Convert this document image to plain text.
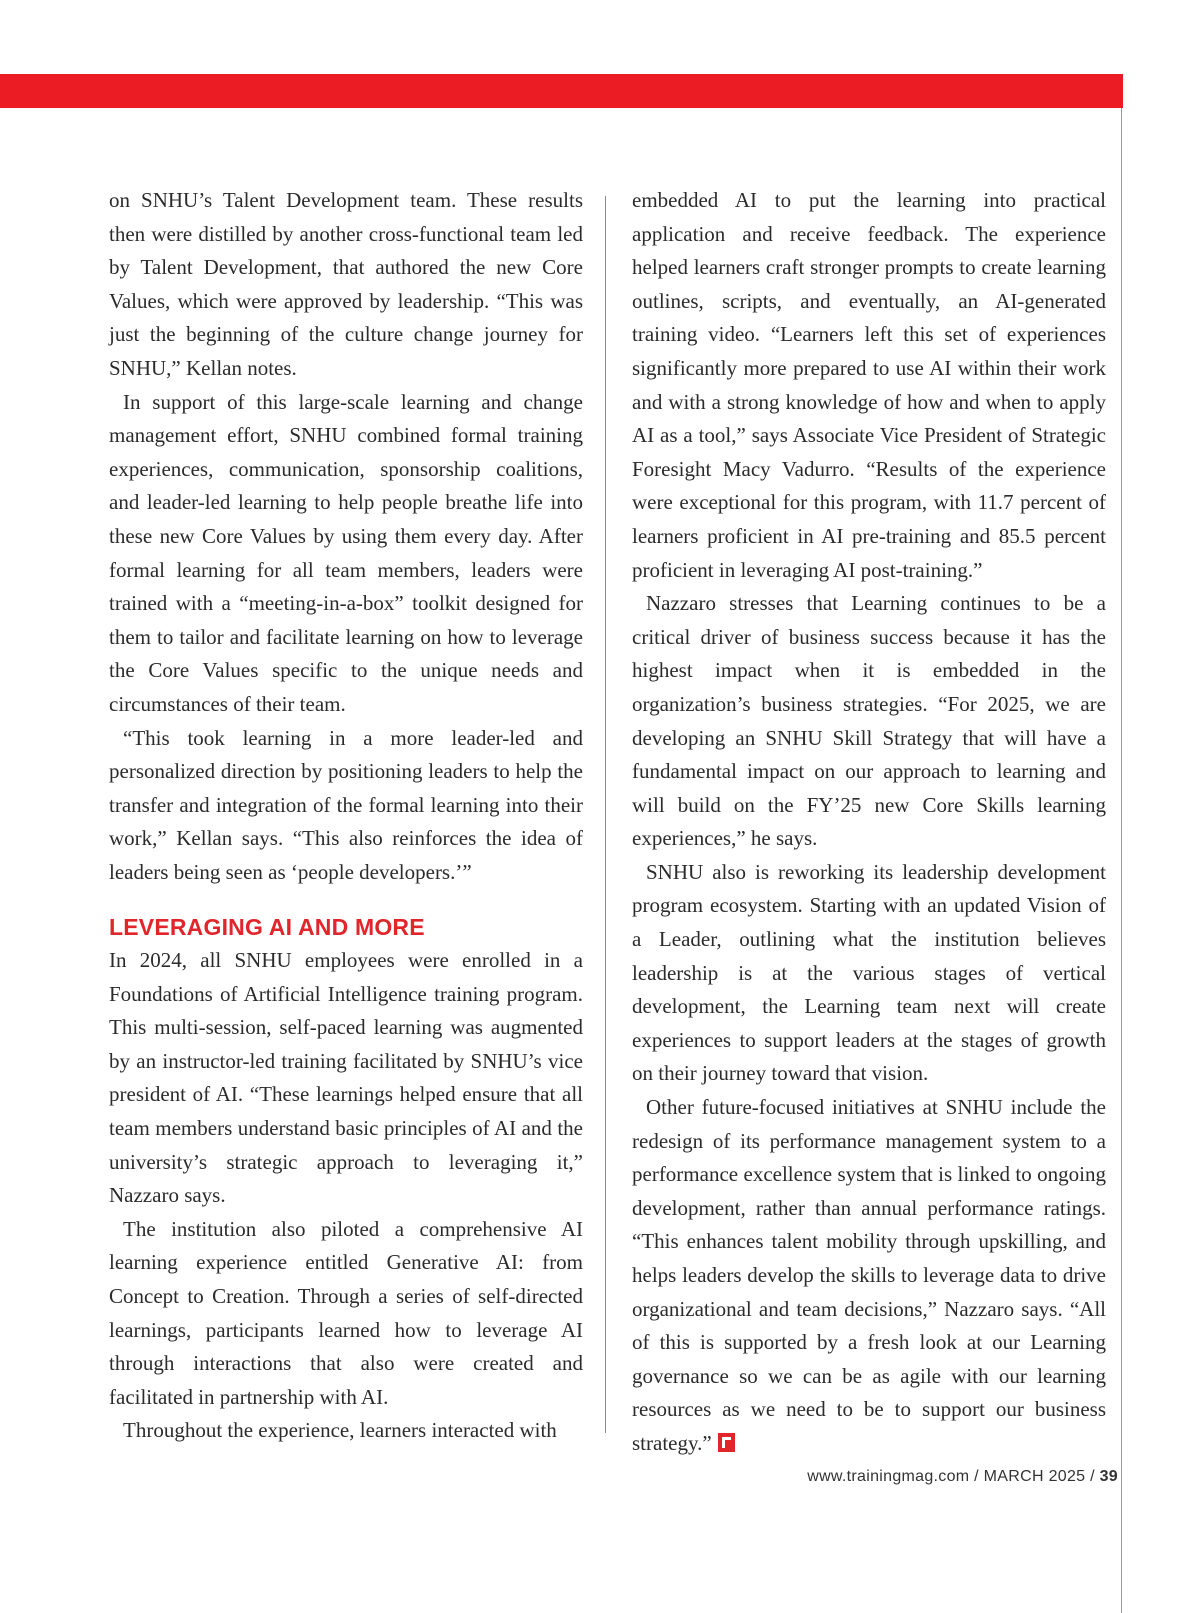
on SNHU’s Talent Development team. These results then were distilled by another cross-functional team led by Talent Development, that authored the new Core Values, which were approved by leadership. “This was just the beginning of the culture change journey for SNHU,” Kellan notes.

In support of this large-scale learning and change management effort, SNHU combined formal training experiences, communication, sponsorship coalitions, and leader-led learning to help people breathe life into these new Core Values by using them every day. After formal learning for all team members, leaders were trained with a “meeting-in-a-box” toolkit designed for them to tailor and facilitate learning on how to leverage the Core Values specific to the unique needs and circumstances of their team.

“This took learning in a more leader-led and personalized direction by positioning leaders to help the transfer and integration of the formal learning into their work,” Kellan says. “This also reinforces the idea of leaders being seen as ‘people developers.’”

LEVERAGING AI AND MORE

In 2024, all SNHU employees were enrolled in a Foundations of Artificial Intelligence training program. This multi-session, self-paced learning was augmented by an instructor-led training facilitated by SNHU’s vice president of AI. “These learnings helped ensure that all team members understand basic principles of AI and the university’s strategic approach to leveraging it,” Nazzaro says.

The institution also piloted a comprehensive AI learning experience entitled Generative AI: from Concept to Creation. Through a series of self-directed learnings, participants learned how to leverage AI through interactions that also were created and facilitated in partnership with AI.

Throughout the experience, learners interacted with

embedded AI to put the learning into practical application and receive feedback. The experience helped learners craft stronger prompts to create learning outlines, scripts, and eventually, an AI-generated training video. “Learners left this set of experiences significantly more prepared to use AI within their work and with a strong knowledge of how and when to apply AI as a tool,” says Associate Vice President of Strategic Foresight Macy Vadurro. “Results of the experience were exceptional for this program, with 11.7 percent of learners proficient in AI pre-training and 85.5 percent proficient in leveraging AI post-training.”

Nazzaro stresses that Learning continues to be a critical driver of business success because it has the highest impact when it is embedded in the organization’s business strategies. “For 2025, we are developing an SNHU Skill Strategy that will have a fundamental impact on our approach to learning and will build on the FY’25 new Core Skills learning experiences,” he says.

SNHU also is reworking its leadership development program ecosystem. Starting with an updated Vision of a Leader, outlining what the institution believes leadership is at the various stages of vertical development, the Learning team next will create experiences to support leaders at the stages of growth on their journey toward that vision.

Other future-focused initiatives at SNHU include the redesign of its performance management system to a performance excellence system that is linked to ongoing development, rather than annual performance ratings. “This enhances talent mobility through upskilling, and helps leaders develop the skills to leverage data to drive organizational and team decisions,” Nazzaro says. “All of this is supported by a fresh look at our Learning governance so we can be as agile with our learning resources as we need to be to support our business strategy.”

www.trainingmag.com / MARCH 2025 / 39
